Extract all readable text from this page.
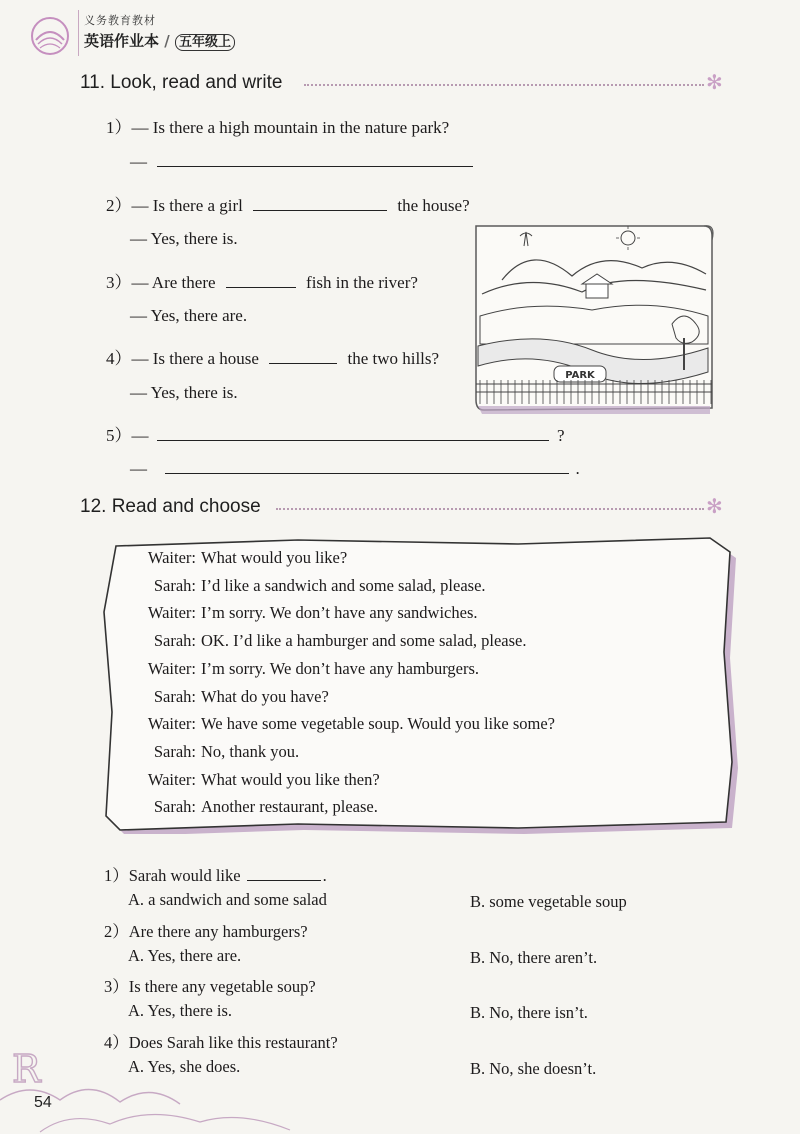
义务教育教材
英语作业本 / 五年级上
11. Look, read and write	✻
1）— Is there a high mountain in the nature park?
—
2）— Is there a girl	the house?
— Yes, there is.
3）— Are there	fish in the river?
— Yes, there are.
4）— Is there a house	the two hills?
— Yes, there is.
5）—	?
—	.
PARK
12. Read and choose	✻
Waiter: What would you like?
Sarah: I’d like a sandwich and some salad, please.
Waiter: I’m sorry. We don’t have any sandwiches.
Sarah: OK. I’d like a hamburger and some salad, please.
Waiter: I’m sorry. We don’t have any hamburgers.
Sarah: What do you have?
Waiter: We have some vegetable soup. Would you like some?
Sarah: No, thank you.
Waiter: What would you like then?
Sarah: Another restaurant, please.
1）Sarah would like	.
A. a sandwich and some salad	B. some vegetable soup
2）Are there any hamburgers?
A. Yes, there are.	B. No, there aren’t.
3）Is there any vegetable soup?
A. Yes, there is.	B. No, there isn’t.
4）Does Sarah like this restaurant?
A. Yes, she does.	B. No, she doesn’t.
R
54
